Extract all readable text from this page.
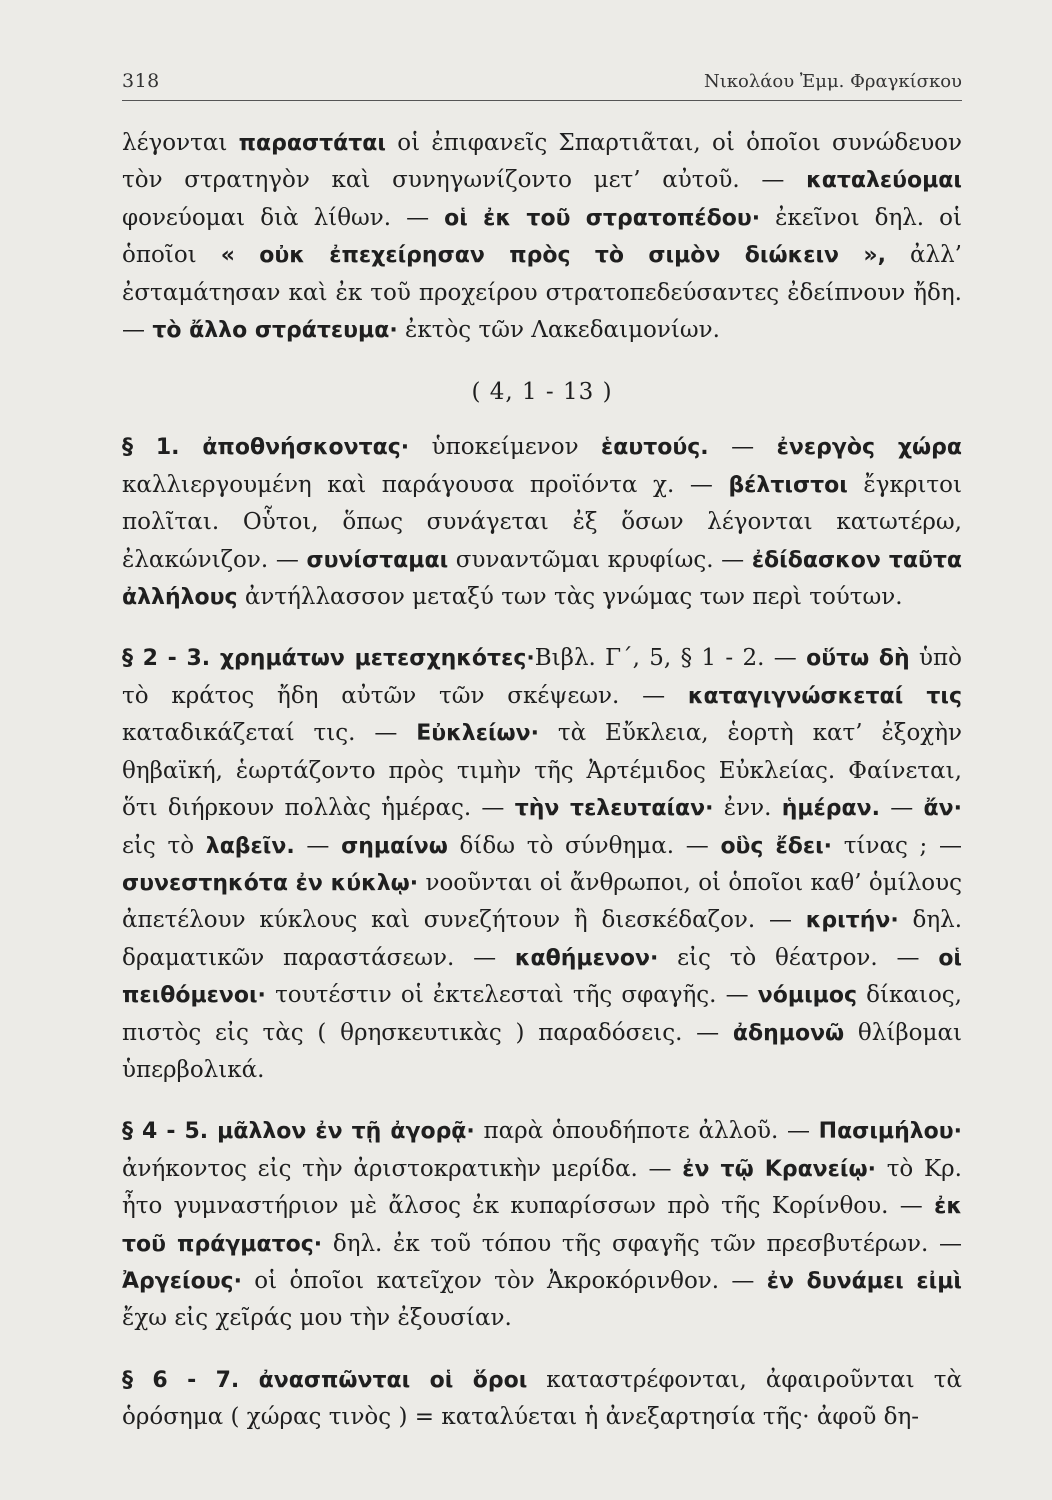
318	Νικολάου Ἐμμ. Φραγκίσκου

λέγονται παραστάται οἱ ἐπιφανεῖς Σπαρτιᾶται, οἱ ὁποῖοι συνώδευον τὸν στρατηγὸν καὶ συνηγωνίζοντο μετ’ αὐτοῦ. — καταλεύομαι φονεύομαι διὰ λίθων. — οἱ ἐκ τοῦ στρατοπέδου· ἐκεῖνοι δηλ. οἱ ὁποῖοι « οὐκ ἐπεχείρησαν πρὸς τὸ σιμὸν διώκειν », ἀλλ’ ἐσταμάτησαν καὶ ἐκ τοῦ προχείρου στρατοπεδεύσαντες ἐδείπνουν ἤδη. — τὸ ἄλλο στράτευμα· ἐκτὸς τῶν Λακεδαιμονίων.

( 4, 1 - 13 )

§ 1. ἀποθνήσκοντας· ὑποκείμενον ἑαυτούς. — ἐνεργὸς χώρα καλλιεργουμένη καὶ παράγουσα προϊόντα χ. — βέλτιστοι ἔγκριτοι πολῖται. Οὗτοι, ὅπως συνάγεται ἐξ ὅσων λέγονται κατωτέρω, ἐλακώνιζον. — συνίσταμαι συναντῶμαι κρυφίως. — ἐδίδασκον ταῦτα ἀλλήλους ἀντήλλασσον μεταξύ των τὰς γνώμας των περὶ τούτων.

§ 2 - 3. χρημάτων μετεσχηκότες·Βιβλ. Γ΄, 5, § 1 - 2. — οὕτω δὴ ὑπὸ τὸ κράτος ἤδη αὐτῶν τῶν σκέψεων. — καταγιγνώσκεταί τις καταδικάζεταί τις. — Εὐκλείων· τὰ Εὔκλεια, ἑορτὴ κατ’ ἐξοχὴν θηβαϊκή, ἑωρτάζοντο πρὸς τιμὴν τῆς Ἀρτέμιδος Εὐκλείας. Φαίνεται, ὅτι διήρκουν πολλὰς ἡμέρας. — τὴν τελευταίαν· ἐνν. ἡμέραν. — ἄν· εἰς τὸ λαβεῖν. — σημαίνω δίδω τὸ σύνθημα. — οὓς ἔδει· τίνας ; — συνεστηκότα ἐν κύκλῳ· νοοῦνται οἱ ἄνθρωποι, οἱ ὁποῖοι καθ’ ὁμίλους ἀπετέλουν κύκλους καὶ συνεζήτουν ἢ διεσκέδαζον. — κριτήν· δηλ. δραματικῶν παραστάσεων. — καθήμενον· εἰς τὸ θέατρον. — οἱ πειθόμενοι· τουτέστιν οἱ ἐκτελεσταὶ τῆς σφαγῆς. — νόμιμος δίκαιος, πιστὸς εἰς τὰς ( θρησκευτικὰς ) παραδόσεις. — ἀδημονῶ θλίβομαι ὑπερβολικά.

§ 4 - 5. μᾶλλον ἐν τῇ ἀγορᾷ· παρὰ ὁπουδήποτε ἀλλοῦ. — Πασιμήλου· ἀνήκοντος εἰς τὴν ἀριστοκρατικὴν μερίδα. — ἐν τῷ Κρανείῳ· τὸ Κρ. ἦτο γυμναστήριον μὲ ἄλσος ἐκ κυπαρίσσων πρὸ τῆς Κορίνθου. — ἐκ τοῦ πράγματος· δηλ. ἐκ τοῦ τόπου τῆς σφαγῆς τῶν πρεσβυτέρων. — Ἀργείους· οἱ ὁποῖοι κατεῖχον τὸν Ἀκροκόρινθον. — ἐν δυνάμει εἰμὶ ἔχω εἰς χεῖράς μου τὴν ἐξουσίαν.

§ 6 - 7. ἀνασπῶνται οἱ ὅροι καταστρέφονται, ἀφαιροῦνται τὰ ὁρόσημα ( χώρας τινὸς ) = καταλύεται ἡ ἀνεξαρτησία τῆς· ἀφοῦ δη-
